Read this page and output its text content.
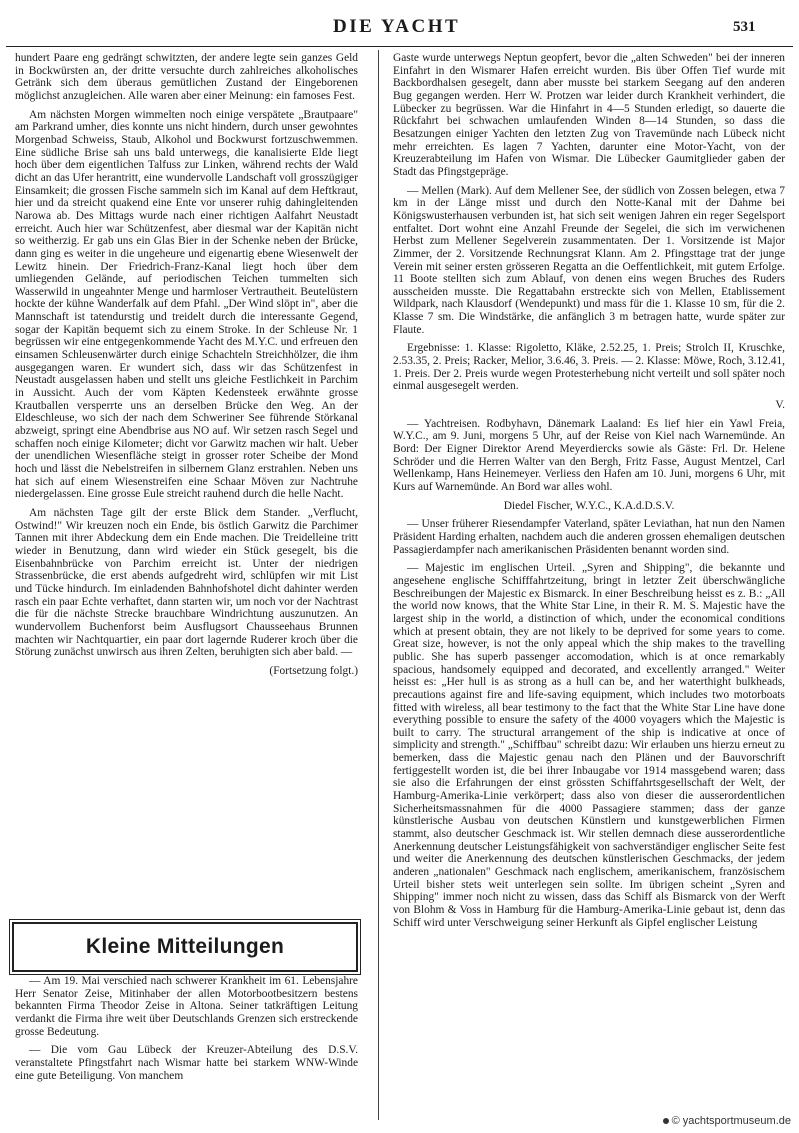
DIE YACHT	531

hundert Paare eng gedrängt schwitzten, der andere legte sein ganzes Geld in Bockwürsten an, der dritte versuchte durch zahlreiches alkoholisches Getränk sich dem überaus gemütlichen Zustand der Eingeborenen möglichst anzugleichen. Alle waren aber einer Meinung: ein famoses Fest.

Am nächsten Morgen wimmelten noch einige verspätete „Brautpaare" am Parkrand umher, dies konnte uns nicht hindern, durch unser gewohntes Morgenbad Schweiss, Staub, Alkohol und Bockwurst fortzuschwemmen. Eine südliche Brise sah uns bald unterwegs, die kanalisierte Elde liegt hoch über dem eigentlichen Talfuss zur Linken, während rechts der Wald dicht an das Ufer herantritt, eine wundervolle Landschaft voll grosszügiger Einsamkeit; die grossen Fische sammeln sich im Kanal auf dem Heftkraut, hier und da streicht quakend eine Ente vor unserer ruhig dahingleitenden Narowa ab. Des Mittags wurde nach einer richtigen Aalfahrt Neustadt erreicht. Auch hier war Schützenfest, aber diesmal war der Kapitän nicht so weitherzig. Er gab uns ein Glas Bier in der Schenke neben der Brücke, dann ging es weiter in die ungeheure und eigenartig ebene Wiesenwelt der Lewitz hinein. Der Friedrich-Franz-Kanal liegt hoch über dem umliegenden Gelände, auf periodischen Teichen tummelten sich Wasserwild in ungeahnter Menge und harmloser Vertrautheit. Beutelüstern hockte der kühne Wanderfalk auf dem Pfahl. „Der Wind slöpt in", aber die Mannschaft ist tatendurstig und treidelt durch die interessante Gegend, sogar der Kapitän bequemt sich zu einem Stroke. In der Schleuse Nr. 1 begrüssen wir eine entgegenkommende Yacht des M.Y.C. und erfreuen den einsamen Schleusenwärter durch einige Schachteln Streichhölzer, die ihm ausgegangen waren. Er wundert sich, dass wir das Schützenfest in Neustadt ausgelassen haben und stellt uns gleiche Festlichkeit in Parchim in Aussicht. Auch der vom Käpten Kedensteek erwähnte grosse Krautballen versperrte uns an derselben Brücke den Weg. An der Eldeschleuse, wo sich der nach dem Schweriner See führende Störkanal abzweigt, springt eine Abendbrise aus NO auf. Wir setzen rasch Segel und schaffen noch einige Kilometer; dicht vor Garwitz machen wir halt. Ueber der unendlichen Wiesenfläche steigt in grosser roter Scheibe der Mond hoch und lässt die Nebelstreifen in silbernem Glanz erstrahlen. Neben uns hat sich auf einem Wiesenstreifen eine Schaar Möven zur Nachtruhe niedergelassen. Eine grosse Eule streicht rauhend durch die helle Nacht.

Am nächsten Tage gilt der erste Blick dem Stander. „Verflucht, Ostwind!" Wir kreuzen noch ein Ende, bis östlich Garwitz die Parchimer Tannen mit ihrer Abdeckung dem ein Ende machen. Die Treidelleine tritt wieder in Benutzung, dann wird wieder ein Stück gesegelt, bis die Eisenbahnbrücke von Parchim erreicht ist. Unter der niedrigen Strassenbrücke, die erst abends aufgedreht wird, schlüpfen wir mit List und Tücke hindurch. Im einladenden Bahnhofshotel dicht dahinter werden rasch ein paar Echte verhaftet, dann starten wir, um noch vor der Nachtrast die für die nächste Strecke brauchbare Windrichtung auszunutzen. An wundervollem Buchenforst beim Ausflugsort Chausseehaus Brunnen machten wir Nachtquartier, ein paar dort lagernde Ruderer kroch über die Störung zunächst unwirsch aus ihren Zelten, beruhigten sich aber bald. —

(Fortsetzung folgt.)

Kleine Mitteilungen

— Am 19. Mai verschied nach schwerer Krankheit im 61. Lebensjahre Herr Senator Zeise, Mitinhaber der allen Motorbootbesitzern bestens bekannten Firma Theodor Zeise in Altona. Seiner tatkräftigen Leitung verdankt die Firma ihre weit über Deutschlands Grenzen sich erstreckende grosse Bedeutung.

— Die vom Gau Lübeck der Kreuzer-Abteilung des D.S.V. veranstaltete Pfingstfahrt nach Wismar hatte bei starkem WNW-Winde eine gute Beteiligung. Von manchem

Gaste wurde unterwegs Neptun geopfert, bevor die „alten Schweden" bei der inneren Einfahrt in den Wismarer Hafen erreicht wurden. Bis über Offen Tief wurde mit Backbordhalsen gesegelt, dann aber musste bei starkem Seegang auf den anderen Bug gegangen werden. Herr W. Protzen war leider durch Krankheit verhindert, die Lübecker zu begrüssen. War die Hinfahrt in 4—5 Stunden erledigt, so dauerte die Rückfahrt bei schwachen umlaufenden Winden 8—14 Stunden, so dass die Besatzungen einiger Yachten den letzten Zug von Travemünde nach Lübeck nicht mehr erreichten. Es lagen 7 Yachten, darunter eine Motor-Yacht, von der Kreuzerabteilung im Hafen von Wismar. Die Lübecker Gaumitglieder gaben der Stadt das Pfingstgepräge.

— Mellen (Mark). Auf dem Mellener See, der südlich von Zossen belegen, etwa 7 km in der Länge misst und durch den Notte-Kanal mit der Dahme bei Königswusterhausen verbunden ist, hat sich seit wenigen Jahren ein reger Segelsport entfaltet. Dort wohnt eine Anzahl Freunde der Segelei, die sich im verwichenen Herbst zum Mellener Segelverein zusammentaten. Der 1. Vorsitzende ist Major Zimmer, der 2. Vorsitzende Rechnungsrat Klann. Am 2. Pfingsttage trat der junge Verein mit seiner ersten grösseren Regatta an die Oeffentlichkeit, mit gutem Erfolge. 11 Boote stellten sich zum Ablauf, von denen eins wegen Bruches des Ruders ausscheiden musste. Die Regattabahn erstreckte sich von Mellen, Etablissement Wildpark, nach Klausdorf (Wendepunkt) und mass für die 1. Klasse 10 sm, für die 2. Klasse 7 sm. Die Windstärke, die anfänglich 3 m betragen hatte, wurde später zur Flaute.

Ergebnisse: 1. Klasse: Rigoletto, Kläke, 2.52.25, 1. Preis; Strolch II, Kruschke, 2.53.35, 2. Preis; Racker, Melior, 3.6.46, 3. Preis. — 2. Klasse: Möwe, Roch, 3.12.41, 1. Preis. Der 2. Preis wurde wegen Protesterhebung nicht verteilt und soll später noch einmal ausgesegelt werden.

V.

— Yachtreisen. Rodbyhavn, Dänemark Laaland: Es lief hier ein Yawl Freia, W.Y.C., am 9. Juni, morgens 5 Uhr, auf der Reise von Kiel nach Warnemünde. An Bord: Der Eigner Direktor Arend Meyerdiercks sowie als Gäste: Frl. Dr. Helene Schröder und die Herren Walter van den Bergh, Fritz Fasse, August Mentzel, Carl Wellenkamp, Hans Heinemeyer. Verliess den Hafen am 10. Juni, morgens 6 Uhr, mit Kurs auf Warnemünde. An Bord war alles wohl.

Diedel Fischer, W.Y.C., K.A.d.D.S.V.

— Unser früherer Riesendampfer Vaterland, später Leviathan, hat nun den Namen Präsident Harding erhalten, nachdem auch die anderen grossen ehemaligen deutschen Passagierdampfer nach amerikanischen Präsidenten benannt worden sind.

— Majestic im englischen Urteil. „Syren and Shipping", die bekannte und angesehene englische Schifffahrtzeitung, bringt in letzter Zeit überschwängliche Beschreibungen der Majestic ex Bismarck. In einer Beschreibung heisst es z. B.: „All the world now knows, that the White Star Line, in their R. M. S. Majestic have the largest ship in the world, a distinction of which, under the economical conditions which at present obtain, they are not likely to be deprived for some years to come. Great size, however, is not the only appeal which the ship makes to the travelling public. She has superb passenger accomodation, which is at once remarkably spacious, handsomely equipped and decorated, and excellently arranged." Weiter heisst es: „Her hull is as strong as a hull can be, and her waterthight bulkheads, precautions against fire and life-saving equipment, which includes two motorboats fitted with wireless, all bear testimony to the fact that the White Star Line have done everything possible to ensure the safety of the 4000 voyagers which the Majestic is built to carry. The structural arrangement of the ship is indicative at once of simplicity and strength." „Schiffbau" schreibt dazu: Wir erlauben uns hierzu erneut zu bemerken, dass die Majestic genau nach den Plänen und der Bauvorschrift fertiggestellt worden ist, die bei ihrer Inbaugabe vor 1914 massgebend waren; dass sie also die Erfahrungen der einst grössten Schiffahrtsgesellschaft der Welt, der Hamburg-Amerika-Linie verkörpert; dass also von dieser die ausserordentlichen Sicherheitsmassnahmen für die 4000 Passagiere stammen; dass der ganze künstlerische Ausbau von deutschen Künstlern und kunstgewerblichen Firmen stammt, also deutscher Geschmack ist. Wir stellen demnach diese ausserordentliche Anerkennung deutscher Leistungsfähigkeit von sachverständiger englischer Seite fest und weiter die Anerkennung des deutschen künstlerischen Geschmacks, der jedem anderen „nationalen" Geschmack nach englischem, amerikanischem, französischem Urteil bisher stets weit unterlegen sein sollte. Im übrigen scheint „Syren and Shipping" immer noch nicht zu wissen, dass das Schiff als Bismarck von der Werft von Blohm & Voss in Hamburg für die Hamburg-Amerika-Linie gebaut ist, denn das Schiff wird unter Verschweigung seiner Herkunft als Gipfel englischer Leistung

© yachtsportmuseum.de
